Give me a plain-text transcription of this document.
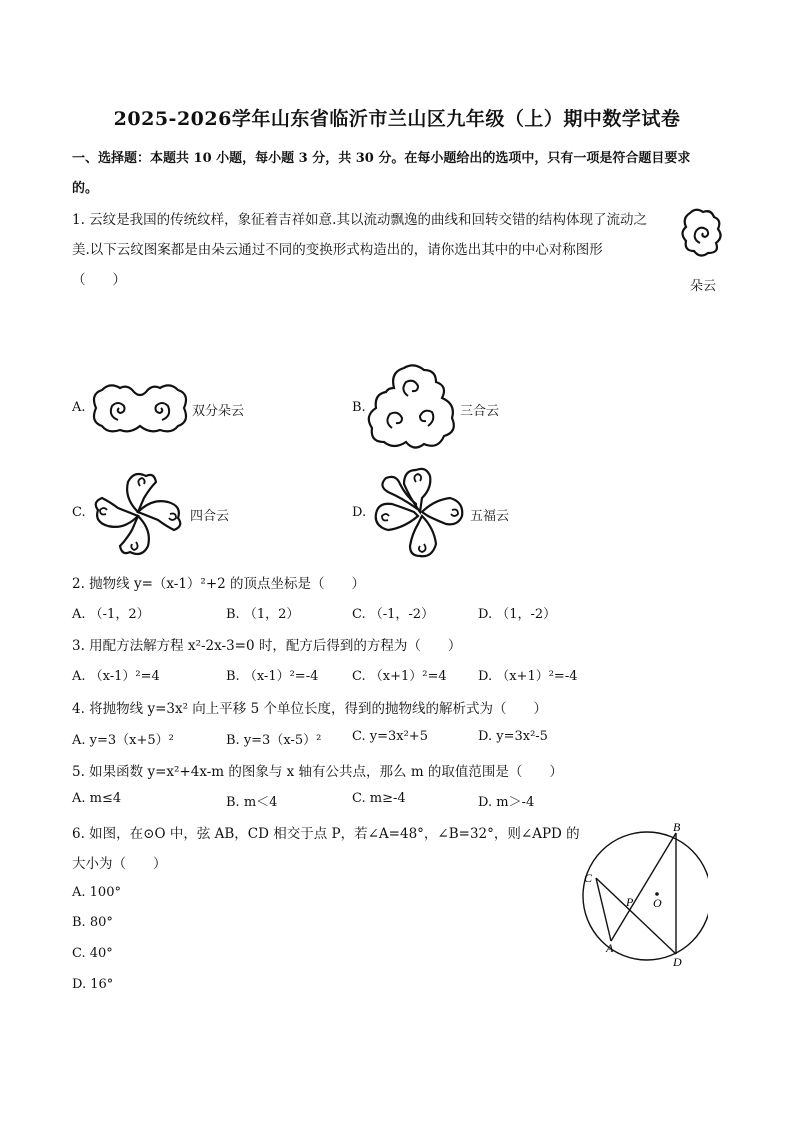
2025-2026学年山东省临沂市兰山区九年级（上）期中数学试卷
一、选择题：本题共 10 小题，每小题 3 分，共 30 分。在每小题给出的选项中，只有一项是符合题目要求
的。
1. 云纹是我国的传统纹样，象征着吉祥如意.其以流动飘逸的曲线和回转交错的结构体现了流动之
美.以下云纹图案都是由朵云通过不同的变换形式构造出的，请你选出其中的中心对称图形
（　　）	朵云
A.	双分朵云	B.	三合云
C.	四合云	D.	五福云
2. 抛物线 y=（x-1）²+2 的顶点坐标是（　　）
A. （-1，2）	B. （1，2）	C. （-1，-2）	D. （1，-2）
3. 用配方法解方程 x²-2x-3=0 时，配方后得到的方程为（　　）
A. （x-1）²=4	B. （x-1）²=-4	C. （x+1）²=4 D. （x+1）²=-4
4. 将抛物线 y=3x² 向上平移 5 个单位长度，得到的抛物线的解析式为（　　）
A. y=3（x+5）²	B. y=3（x-5）² C. y=3x²+5	D. y=3x²-5
5. 如果函数 y=x²+4x-m 的图象与 x 轴有公共点，那么 m 的取值范围是（　　）
A. m≤4	B. m＜4	C. m≥-4	D. m＞-4
6. 如图，在⊙O 中，弦 AB，CD 相交于点 P，若∠A=48°，∠B=32°，则∠APD 的
大小为（　　）
A. 100°
B. 80°
C. 40°
D. 16°
B
C
P O
A
D
